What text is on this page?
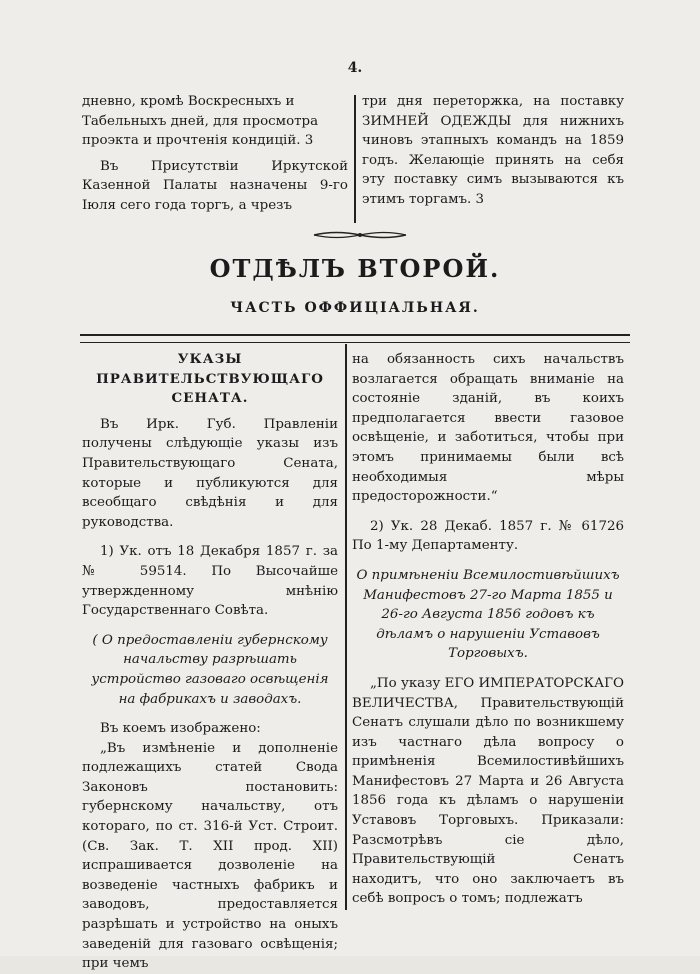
4.

дневно, кромѣ Воскресныхъ и

Табельныхъ дней, для просмотра

проэкта и прочтенія кондицій. 3

Въ Присутствіи Иркутской Казенной Палаты назначены 9-го Іюля сего года торгъ, а чрезъ

три дня переторжка, на поставку ЗИМНЕЙ ОДЕЖДЫ для нижнихъ чиновъ этапныхъ командъ на 1859 годъ. Желающіе принять на себя эту поставку симъ вызываются къ этимъ торгамъ. 3

ОТДѢЛЪ ВТОРОЙ.
ЧАСТЬ ОФФИЦІАЛЬНАЯ.

УКАЗЫ ПРАВИТЕЛЬСТВУЮЩАГО СЕНАТА.

Въ Ирк. Губ. Правленіи получены слѣдующіе указы изъ Правительствующаго Сената, которые и публикуются для всеобщаго свѣдѣнія и для руководства.

1) Ук. отъ 18 Декабря 1857 г. за № 59514. По Высочайше утвержденному мнѣнію Государственнаго Совѣта.

( О предоставленіи губернскому начальству разрѣшать устройство газоваго освѣщенія на фабрикахъ и заводахъ.

Въ коемъ изображено:

„Въ измѣненіе и дополненіе подлежащихъ статей Свода Законовъ постановить: губернскому начальству, отъ котораго, по ст. 316-й Уст. Строит. (Св. Зак. Т. XII прод. XII) испрашивается дозволеніе на возведеніе частныхъ фабрикъ и заводовъ, предоставляется разрѣшать и устройство на оныхъ заведеній для газоваго освѣщенія; при чемъ

на обязанность сихъ начальствъ возлагается обращать вниманіе на состояніе зданій, въ коихъ предполагается ввести газовое освѣщеніе, и заботиться, чтобы при этомъ принимаемы были всѣ необходимыя мѣры предосторожности.“

2) Ук. 28 Декаб. 1857 г. № 61726 По 1-му Департаменту.

О примѣненіи Всемилостивѣйшихъ Манифестовъ 27-го Марта 1855 и 26-го Августа 1856 годовъ къ дѣламъ о нарушеніи Уставовъ Торговыхъ.

„По указу ЕГО ИМПЕРАТОРСКАГО ВЕЛИЧЕСТВА, Правительствующій Сенатъ слушали дѣло по возникшему изъ частнаго дѣла вопросу о примѣненія Всемилостивѣйшихъ Манифестовъ 27 Марта и 26 Августа 1856 года къ дѣламъ о нарушеніи Уставовъ Торговыхъ. Приказали: Разсмотрѣвъ сіе дѣло, Правительствующій Сенатъ находитъ, что оно заключаетъ въ себѣ вопросъ о томъ; подлежатъ
